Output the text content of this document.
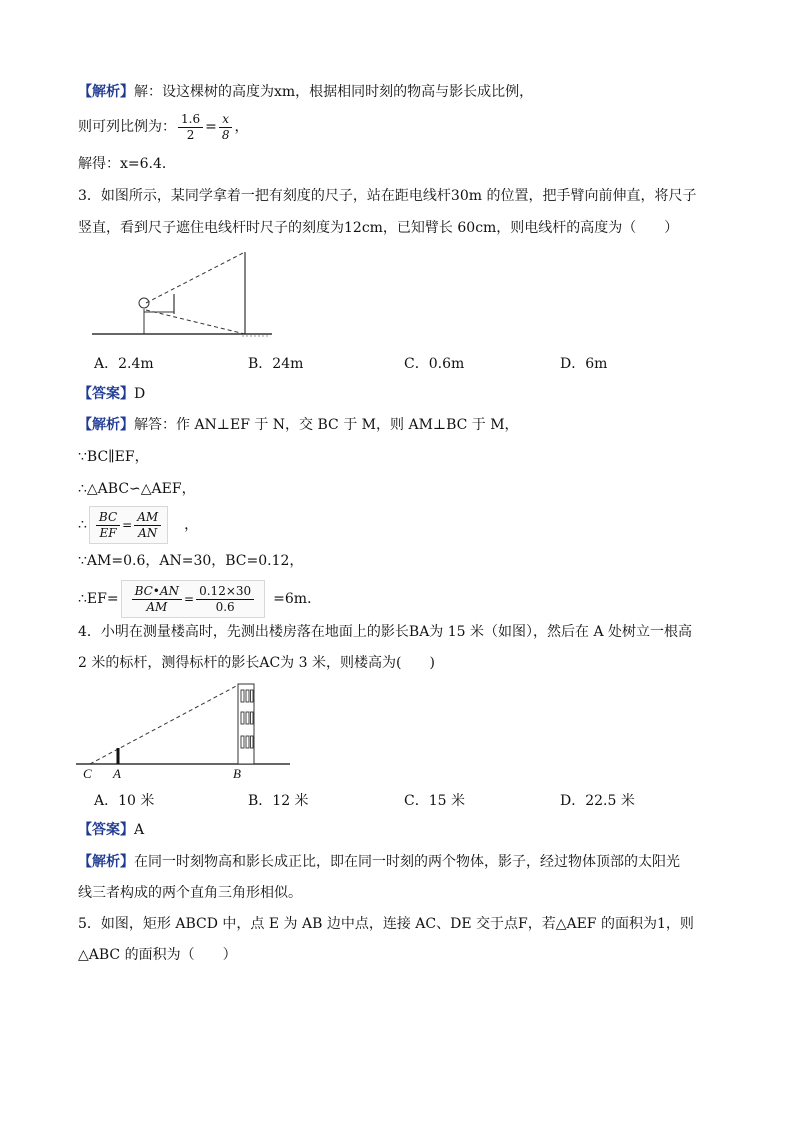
【解析】解：设这棵树的高度为xm，根据相同时刻的物高与影长成比例，
则可列比例为： $\frac{1.6}{2} = \frac{x}{8}$ ，
解得：x=6.4．
3．如图所示，某同学拿着一把有刻度的尺子，站在距电线杆30m 的位置，把手臂向前伸直，将尺子
竖直，看到尺子遮住电线杆时尺子的刻度为12cm，已知臂长 60cm，则电线杆的高度为（　　）
A．2.4m	B．24m	C．0.6m	D．6m
【答案】D
【解析】解答：作 AN⊥EF 于 N，交 BC 于 M，则 AM⊥BC 于 M，
∵BC∥EF，
∴△ABC∽△AEF，
∴ $\frac{BC}{EF} = \frac{AM}{AN}$ 　，
∵AM=0.6，AN=30，BC=0.12，
∴EF= $\frac{BC•AN}{AM} = \frac{0.12\times 30}{0.6} =6m$．
4．小明在测量楼高时，先测出楼房落在地面上的影长BA为 15 米（如图），然后在 A 处树立一根高
2 米的标杆，测得标杆的影长AC为 3 米，则楼高为(　　)
C A	B
A．10 米	B．12 米	C．15 米	D．22.5 米
【答案】A
【解析】在同一时刻物高和影长成正比，即在同一时刻的两个物体，影子，经过物体顶部的太阳光
线三者构成的两个直角三角形相似。
5．如图，矩形 ABCD 中，点 E 为 AB 边中点，连接 AC、DE 交于点F，若△AEF 的面积为1，则
△ABC 的面积为（　　）
